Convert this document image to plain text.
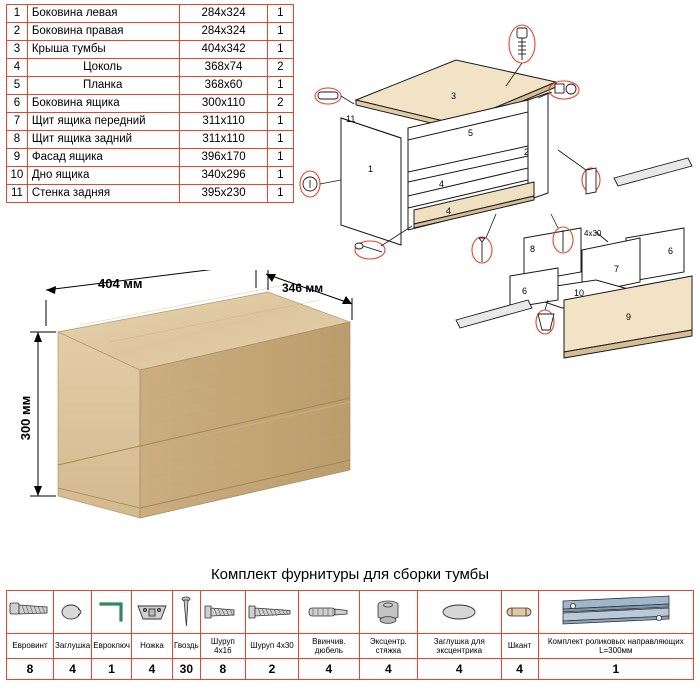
1	Боковина левая	284х324	1
2	Боковина правая	284х324	1
3	Крыша тумбы	404х342	1
4	Цоколь	368х74	2
5	Планка	368х60	1
6	Боковина ящика	300х110	2
7	Щит ящика передний	311х110	1
8	Щит ящика задний	311х110	1
9	Фасад ящика	396х170	1
10	Дно ящика	340х296	1
11	Стенка задняя	395х230	1
3
1
2
5
4
4
11
8	6
7
10
6
9
4х30
404 мм	346 мм
300 мм
Комплект фурнитуры для сборки тумбы

Евровинт	Заглушка	Евроключ	Ножка	Гвоздь	Шуруп 4х16	Шуруп 4х30	Ввинчив. дюбель	Эксцентр. стяжка	Заглушка для эксцентрика	Шкант	Комплект роликовых направляющих L=300мм
8	4	1	4	30	8	2	4	4	4	4	1
